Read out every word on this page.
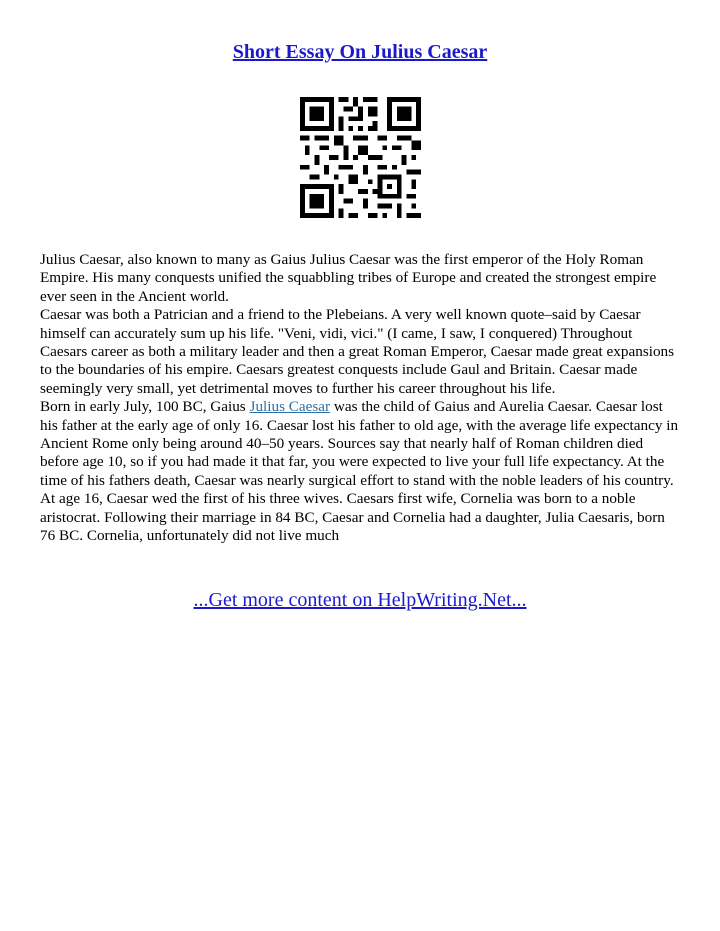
Short Essay On Julius Caesar

Julius Caesar, also known to many as Gaius Julius Caesar was the first emperor of the Holy Roman Empire. His many conquests unified the squabbling tribes of Europe and created the strongest empire ever seen in the Ancient world.

Caesar was both a Patrician and a friend to the Plebeians. A very well known quote–said by Caesar himself can accurately sum up his life. "Veni, vidi, vici." (I came, I saw, I conquered) Throughout Caesars career as both a military leader and then a great Roman Emperor, Caesar made great expansions to the boundaries of his empire. Caesars greatest conquests include Gaul and Britain. Caesar made seemingly very small, yet detrimental moves to further his career throughout his life.

Born in early July, 100 BC, Gaius Julius Caesar was the child of Gaius and Aurelia Caesar. Caesar lost his father at the early age of only 16. Caesar lost his father to old age, with the average life expectancy in Ancient Rome only being around 40–50 years. Sources say that nearly half of Roman children died before age 10, so if you had made it that far, you were expected to live your full life expectancy. At the time of his fathers death, Caesar was nearly surgical effort to stand with the noble leaders of his country.

At age 16, Caesar wed the first of his three wives. Caesars first wife, Cornelia was born to a noble aristocrat. Following their marriage in 84 BC, Caesar and Cornelia had a daughter, Julia Caesaris, born 76 BC. Cornelia, unfortunately did not live much

...Get more content on HelpWriting.Net...
